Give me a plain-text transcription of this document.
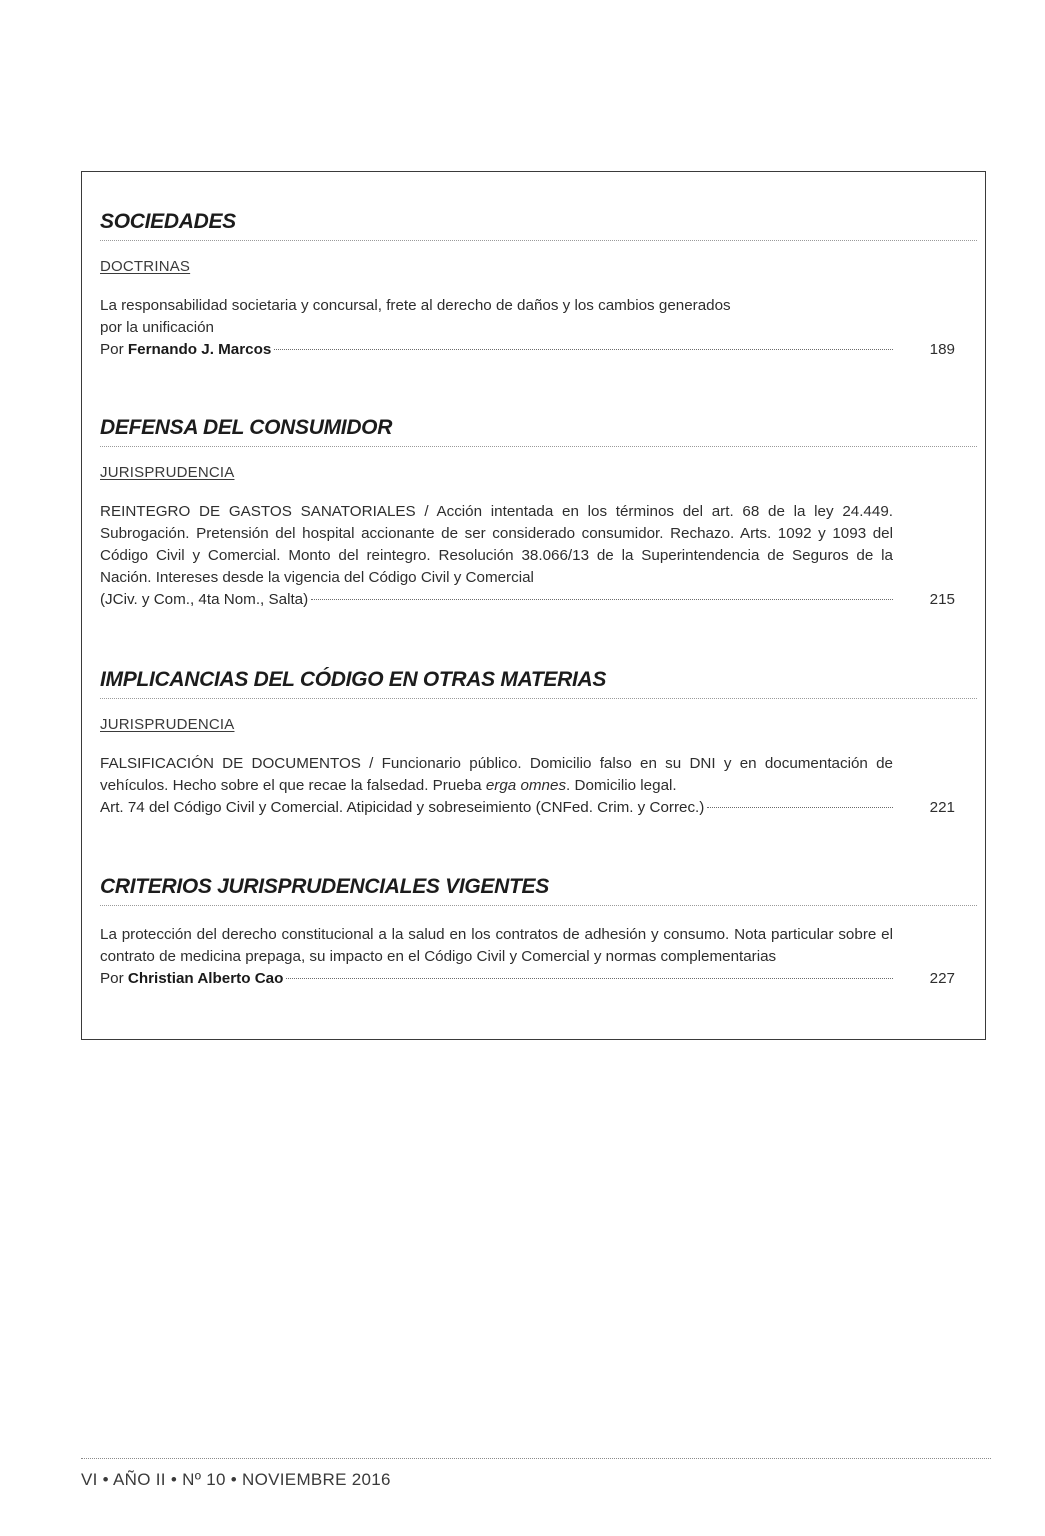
SOCIEDADES
DOCTRINAS
La responsabilidad societaria y concursal, frete al derecho de daños y los cambios generados
por la unificación
Por Fernando J. Marcos	189
DEFENSA DEL CONSUMIDOR
JURISPRUDENCIA
REINTEGRO DE GASTOS SANATORIALES / Acción intentada en los términos del art. 68 de la ley 24.449. Subrogación. Pretensión del hospital accionante de ser considerado consumidor. Rechazo. Arts. 1092 y 1093 del Código Civil y Comercial. Monto del reintegro. Resolución 38.066/13 de la Superintendencia de Seguros de la Nación. Intereses desde la vigencia del Código Civil y Comercial
(JCiv. y Com., 4ta Nom., Salta)	215
IMPLICANCIAS DEL CÓDIGO EN OTRAS MATERIAS
JURISPRUDENCIA
FALSIFICACIÓN DE DOCUMENTOS / Funcionario público. Domicilio falso en su DNI y en documentación de vehículos. Hecho sobre el que recae la falsedad. Prueba erga omnes. Domicilio legal.
Art. 74 del Código Civil y Comercial. Atipicidad y sobreseimiento (CNFed. Crim. y Correc.)	221
CRITERIOS JURISPRUDENCIALES VIGENTES
La protección del derecho constitucional a la salud en los contratos de adhesión y consumo. Nota particular sobre el contrato de medicina prepaga, su impacto en el Código Civil y Comercial y normas complementarias
Por Christian Alberto Cao	227
VI • AÑO II • Nº 10 • NOVIEMBRE 2016
